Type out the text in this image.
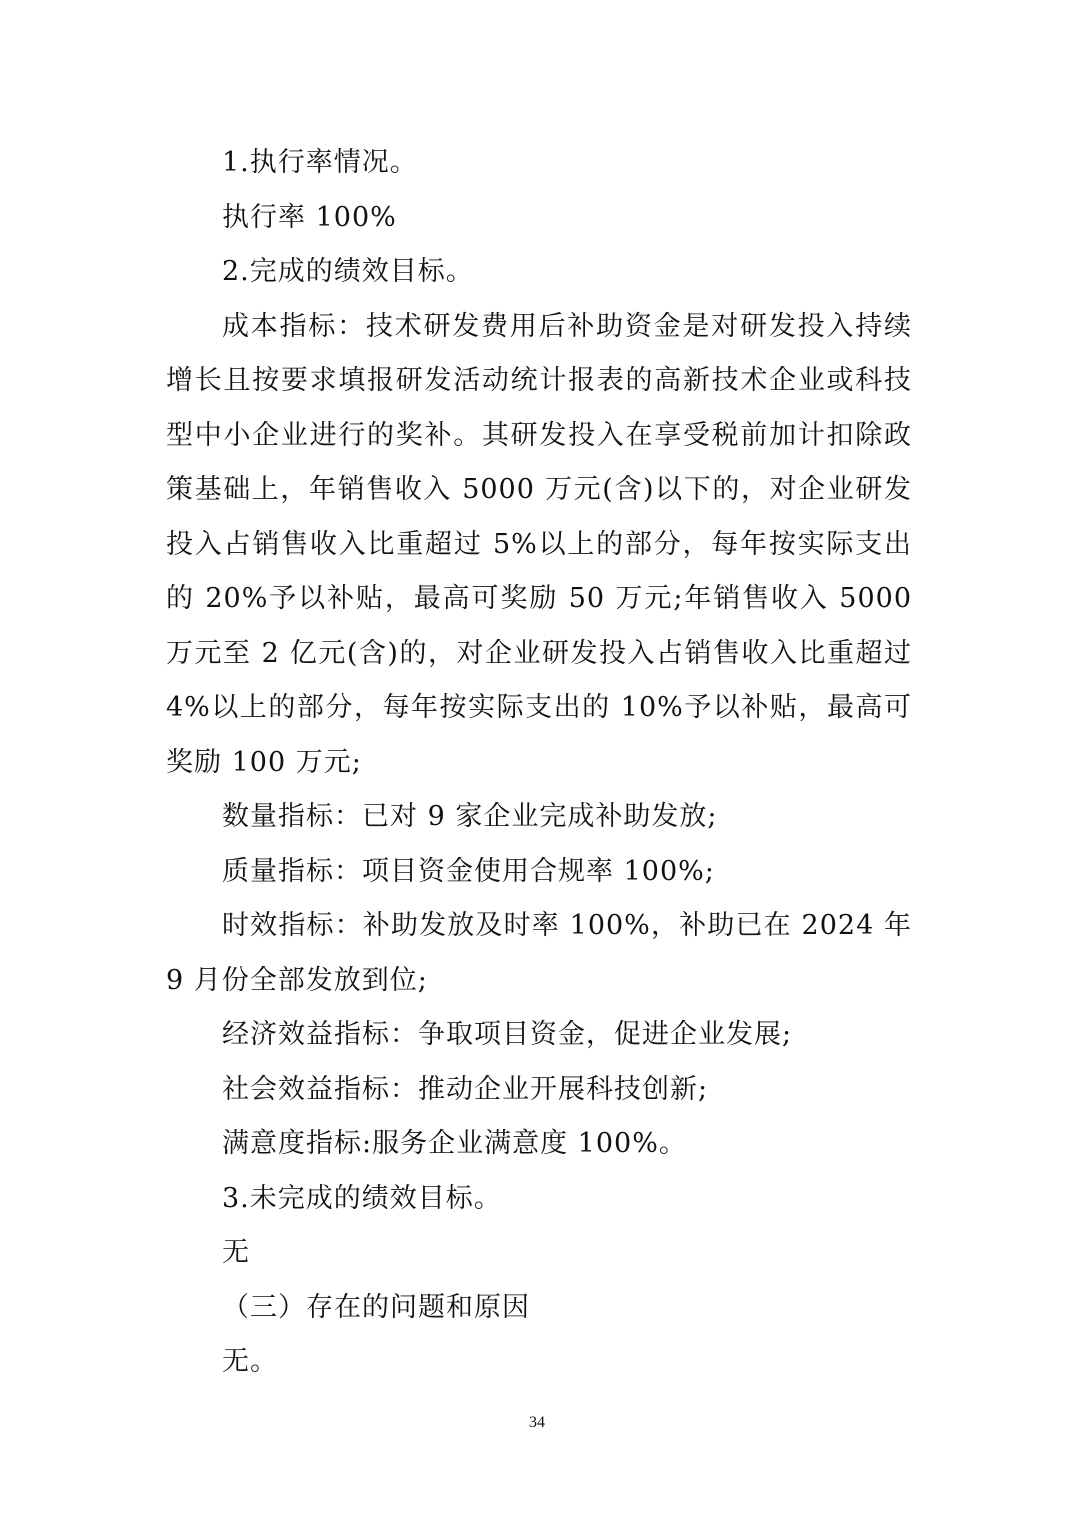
1.执行率情况。

执行率 100%

2.完成的绩效目标。

成本指标：技术研发费用后补助资金是对研发投入持续增长且按要求填报研发活动统计报表的高新技术企业或科技型中小企业进行的奖补。其研发投入在享受税前加计扣除政策基础上，年销售收入 5000 万元(含)以下的，对企业研发投入占销售收入比重超过 5%以上的部分，每年按实际支出的 20%予以补贴，最高可奖励 50 万元;年销售收入 5000 万元至 2 亿元(含)的，对企业研发投入占销售收入比重超过 4%以上的部分，每年按实际支出的 10%予以补贴，最高可奖励 100 万元;

数量指标：已对 9 家企业完成补助发放;

质量指标：项目资金使用合规率 100%;

时效指标：补助发放及时率 100%，补助已在 2024 年 9 月份全部发放到位;

经济效益指标：争取项目资金，促进企业发展;

社会效益指标：推动企业开展科技创新;

满意度指标:服务企业满意度 100%。

3.未完成的绩效目标。

无

（三）存在的问题和原因

无。

34
